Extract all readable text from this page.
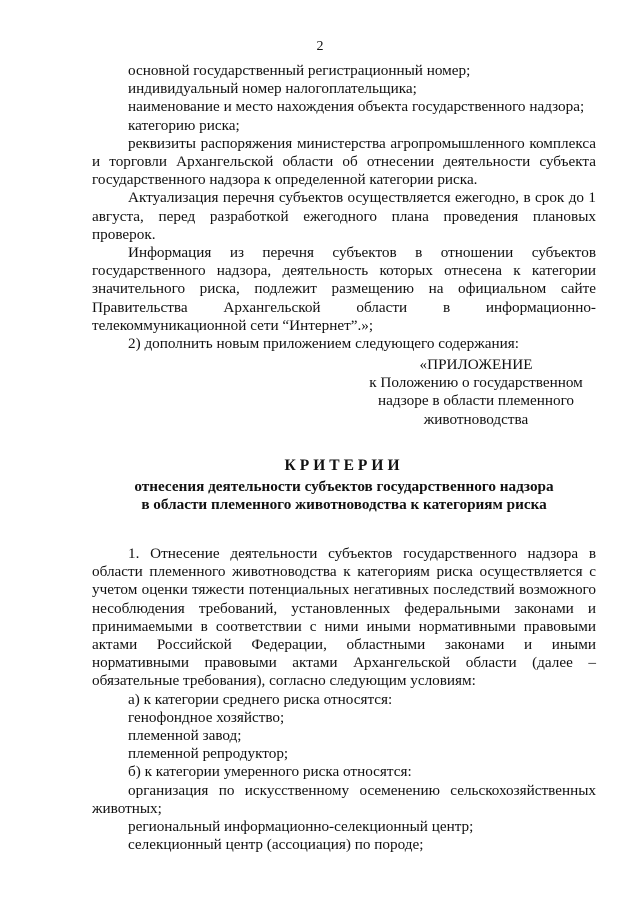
2

основной государственный регистрационный номер;

индивидуальный номер налогоплательщика;

наименование и место нахождения объекта государственного надзора;

категорию риска;

реквизиты распоряжения министерства агропромышленного комплекса и торговли Архангельской области об отнесении деятельности субъекта государственного надзора к определенной категории риска.

Актуализация перечня субъектов осуществляется ежегодно, в срок до 1 августа, перед разработкой ежегодного плана проведения плановых проверок.

Информация из перечня субъектов в отношении субъектов государственного надзора, деятельность которых отнесена к категории значительного риска, подлежит размещению на официальном сайте Правительства Архангельской области в информационно-телекоммуникационной сети “Интернет”.»;

2) дополнить новым приложением следующего содержания:

«ПРИЛОЖЕНИЕ
к Положению о государственном
надзоре в области племенного
животноводства
КРИТЕРИИ
отнесения деятельности субъектов государственного надзора
в области племенного животноводства к категориям риска

1. Отнесение деятельности субъектов государственного надзора в области племенного животноводства к категориям риска осуществляется с учетом оценки тяжести потенциальных негативных последствий возможного несоблюдения требований, установленных федеральными законами и принимаемыми в соответствии с ними иными нормативными правовыми актами Российской Федерации, областными законами и иными нормативными правовыми актами Архангельской области (далее – обязательные требования), согласно следующим условиям:

а) к категории среднего риска относятся:

генофондное хозяйство;

племенной завод;

племенной репродуктор;

б) к категории умеренного риска относятся:

организация по искусственному осеменению сельскохозяйственных животных;

региональный информационно-селекционный центр;

селекционный центр (ассоциация) по породе;
